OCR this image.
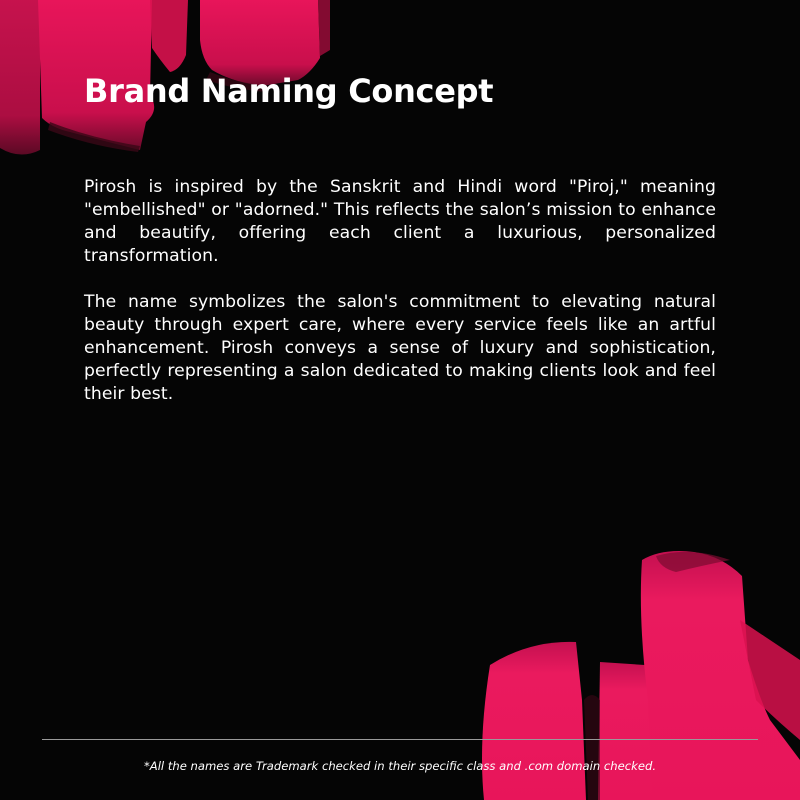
Brand Naming Concept

Pirosh is inspired by the Sanskrit and Hindi word "Piroj," meaning "embellished" or "adorned." This reflects the salon’s mission to enhance and beautify, offering each client a luxurious, personalized transformation.

The name symbolizes the salon's commitment to elevating natural beauty through expert care, where every service feels like an artful enhancement. Pirosh conveys a sense of luxury and sophistication, perfectly representing a salon dedicated to making clients look and feel their best.

*All the names are Trademark checked in their specific class and .com domain checked.
